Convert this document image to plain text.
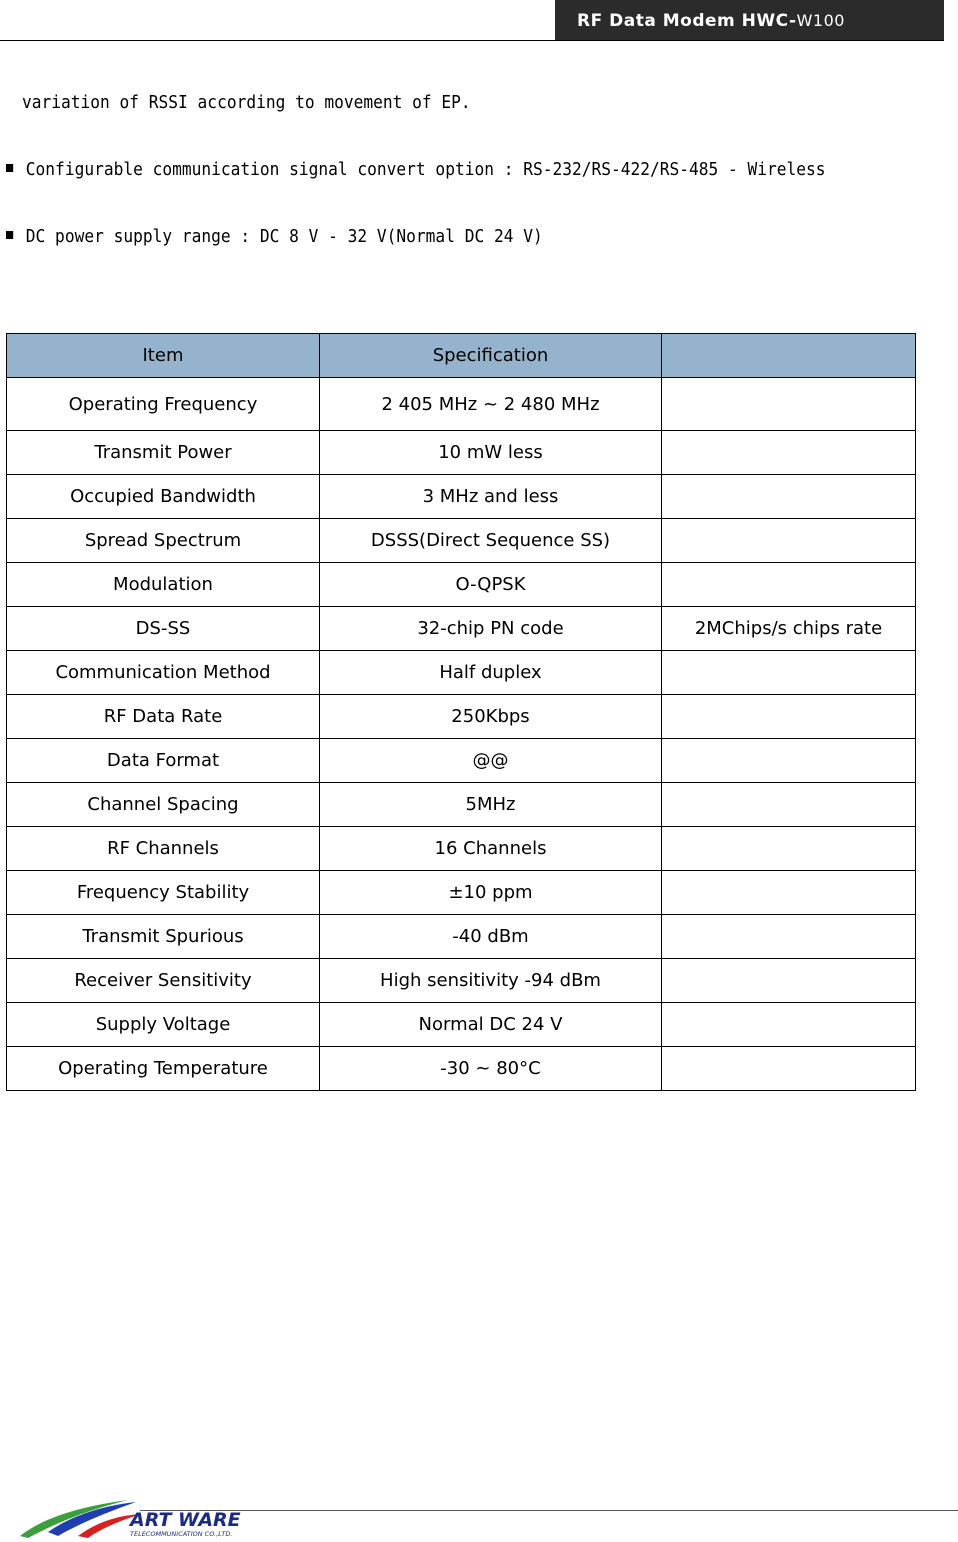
RF Data Modem HWC- W100
variation of RSSI according to movement of EP.
Configurable communication signal convert option : RS-232/RS-422/RS-485 - Wireless
DC power supply range : DC 8 V - 32 V(Normal DC 24 V)
Item	Specification	
Operating Frequency	2 405 MHz ~ 2 480 MHz	
Transmit Power	10 mW less	
Occupied Bandwidth	3 MHz and less	
Spread Spectrum	DSSS(Direct Sequence SS)	
Modulation	O-QPSK	
DS-SS	32-chip PN code	2MChips/s chips rate
Communication Method	Half duplex	
RF Data Rate	250Kbps	
Data Format	@@	
Channel Spacing	5MHz	
RF Channels	16 Channels	
Frequency Stability	±10 ppm	
Transmit Spurious	-40 dBm	
Receiver Sensitivity	High sensitivity -94 dBm	
Supply Voltage	Normal DC 24 V	
Operating Temperature	-30 ~ 80°C	
ART WARE
TELECOMMUNICATION CO.,LTD.
